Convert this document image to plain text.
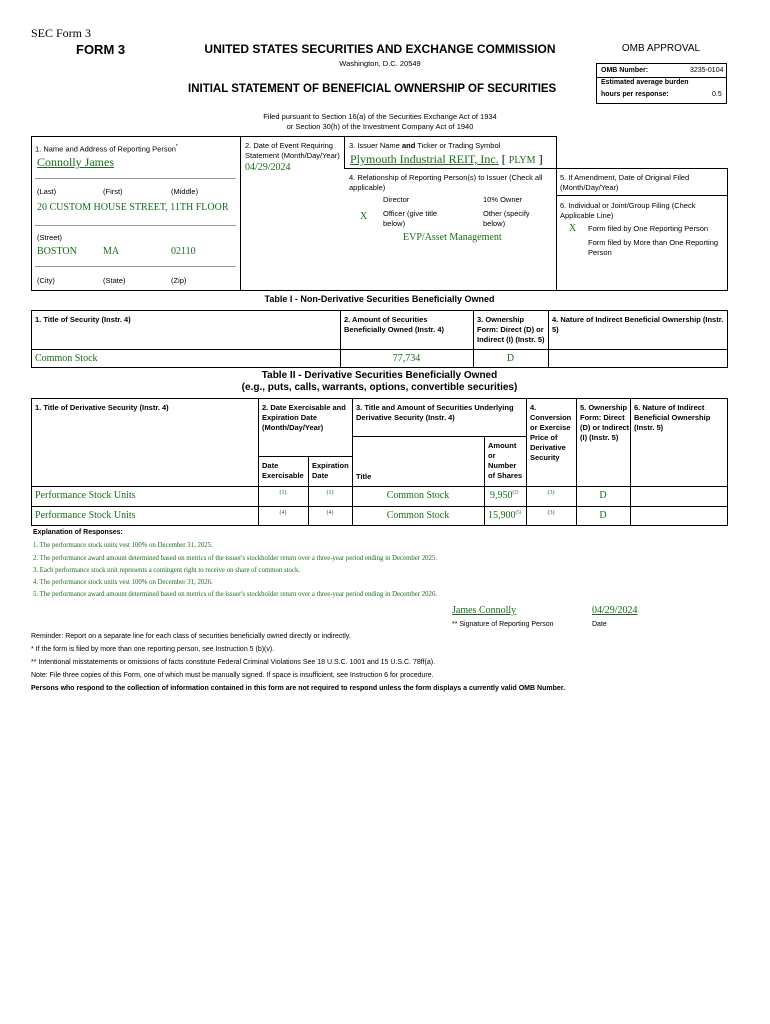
SEC Form 3
FORM 3	UNITED STATES SECURITIES AND EXCHANGE COMMISSION
Washington, D.C. 20549
INITIAL STATEMENT OF BENEFICIAL OWNERSHIP OF SECURITIES
OMB APPROVAL
OMB Number:	3235-0104
Estimated average burden
hours per response:	0.5
Filed pursuant to Section 16(a) of the Securities Exchange Act of 1934
or Section 30(h) of the Investment Company Act of 1940
1. Name and Address of Reporting Person*
Connolly James
(Last)	(First)	(Middle)
20 CUSTOM HOUSE STREET, 11TH FLOOR
(Street)
BOSTON	MA	02110
(City)	(State)	(Zip)
2. Date of Event Requiring Statement (Month/Day/Year)
04/29/2024
3. Issuer Name and Ticker or Trading Symbol
Plymouth Industrial REIT, Inc. [ PLYM ]
4. Relationship of Reporting Person(s) to Issuer (Check all applicable)
Director	10% Owner
X Officer (give title below)
Other (specify below)
EVP/Asset Management
5. If Amendment, Date of Original Filed (Month/Day/Year)
6. Individual or Joint/Group Filing (Check Applicable Line)
X Form filed by One Reporting Person
Form filed by More than One Reporting Person
Table I - Non-Derivative Securities Beneficially Owned
1. Title of Security (Instr. 4)	2. Amount of Securities Beneficially Owned (Instr. 4)
3. Ownership Form: Direct (D) or Indirect (I) (Instr. 5)
4. Nature of Indirect Beneficial Ownership (Instr. 5)
Common Stock	77,734	D
Table II - Derivative Securities Beneficially Owned
(e.g., puts, calls, warrants, options, convertible securities)
1. Title of Derivative Security (Instr. 4)	2. Date Exercisable and Expiration Date (Month/Day/Year)
Date Exercisable
Expiration Date
3. Title and Amount of Securities Underlying Derivative Security (Instr. 4)
Title
Amount or Number of Shares
4. Conversion or Exercise Price of Derivative Security
5. Ownership Form: Direct (D) or Indirect (I) (Instr. 5)
6. Nature of Indirect Beneficial Ownership (Instr. 5)
Performance Stock Units	(1)	(1)	Common Stock	9,950$^{(2)}$	(3)	D
Performance Stock Units	(4)	(4)	Common Stock	15,900$^{(5)}$	(3)	D
Explanation of Responses:
1. The performance stock units vest 100% on December 31, 2025.
2. The performance award amount determined based on metrics of the issuer's stockholder return over a three-year period ending in December 2025.
3. Each performance stock unit represents a contingent right to receive on share of common stock.
4. The performance stock units vest 100% on December 31, 2026.
5. The performance award amount determined based on metrics of the issuer's stockholder return over a three-year period ending in December 2026.
James Connolly	04/29/2024
** Signature of Reporting Person	Date
Reminder: Report on a separate line for each class of securities beneficially owned directly or indirectly.
* If the form is filed by more than one reporting person, see Instruction 5 (b)(v).
** Intentional misstatements or omissions of facts constitute Federal Criminal Violations See 18 U.S.C. 1001 and 15 U.S.C. 78ff(a).
Note: File three copies of this Form, one of which must be manually signed. If space is insufficient, see Instruction 6 for procedure.
Persons who respond to the collection of information contained in this form are not required to respond unless the form displays a currently valid OMB Number.
